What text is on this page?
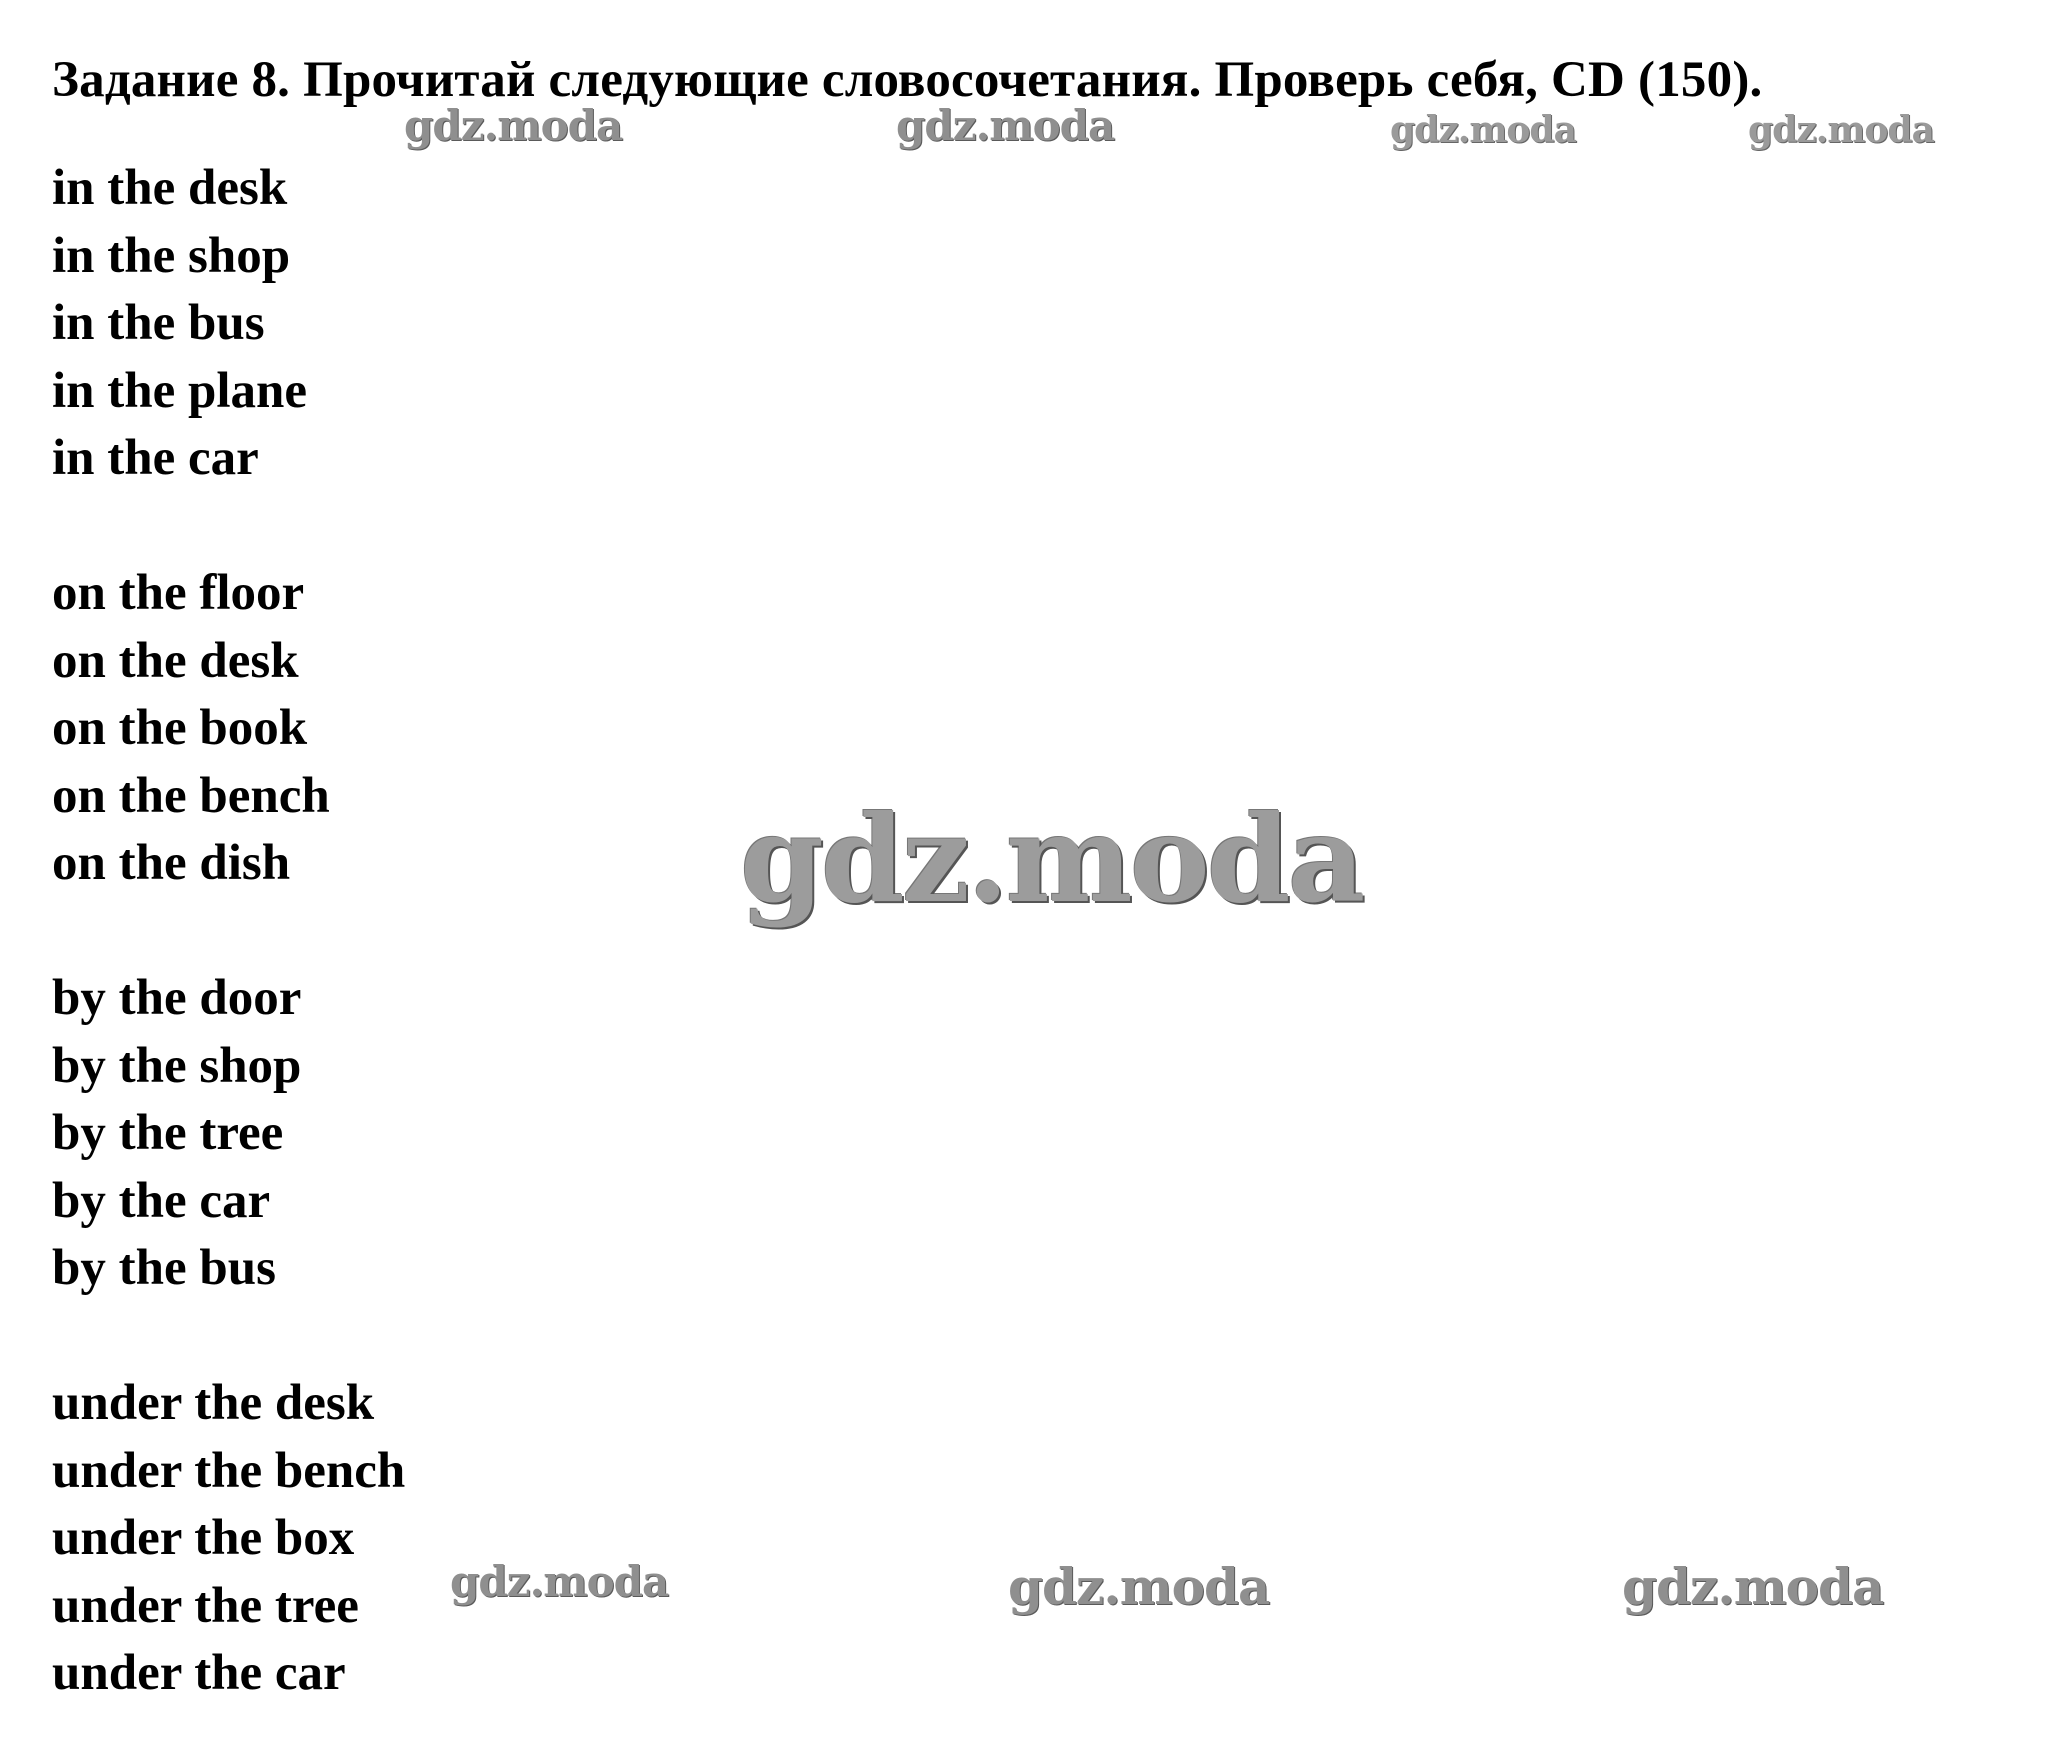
Задание 8. Прочитай следующие словосочетания. Проверь себя, CD (150).
in the desk
in the shop
in the bus
in the plane
in the car
on the floor
on the desk
on the book
on the bench
on the dish
by the door
by the shop
by the tree
by the car
by the bus
under the desk
under the bench
under the box
under the tree
under the car
gdz.moda	gdz.moda	gdz.moda	gdz.moda
gdz.moda
gdz.moda	gdz.moda	gdz.moda
